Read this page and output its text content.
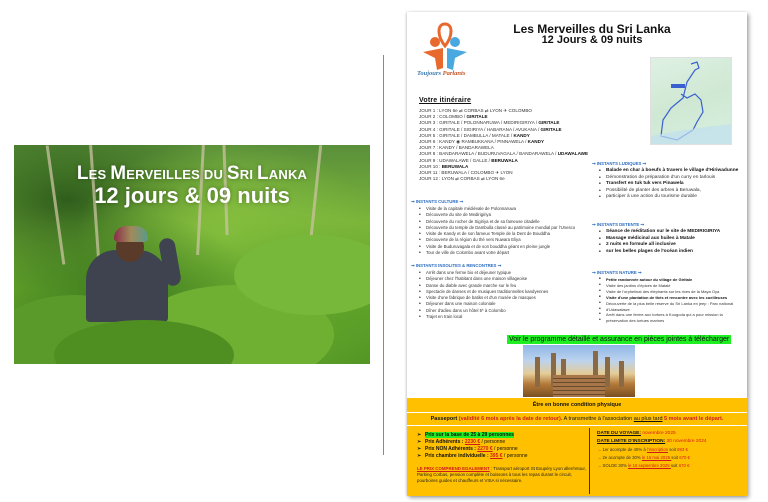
LES MERVEILLES DU SRI LANKA
12 jours & 09 nuits
Toujours Parlants
Les Merveilles du Sri Lanka
12 Jours & 09 nuits
Votre itinéraire
JOUR 1 : LYON 6e ⇌ CORBAS ⇌ LYON ✈ COLOMBO
JOUR 2 : COLOMBO / GIRITALE
JOUR 3 : GIRITALE / POLONNARUWA / MEDIRIGIRIYA / GIRITALE
JOUR 4 : GIRITALE / SIGIRIYA / HABARANA / AVUKANA / GIRITALE
JOUR 5 : GIRITALE / DAMBULLA / MATALE / KANDY
JOUR 6 : KANDY ◉ RAMBUKKANA / PINNAWELA / KANDY
JOUR 7 : KANDY / BANDARAWELA
JOUR 8 : BANDARAWELA / BUDURUVAGALA / BANDARAWELA / UDAWALAWE
JOUR 9 : UDAWALAWE / GALLE / BERUWALA
JOUR 10 : BERUWALA
JOUR 11 : BERUWALA / COLOMBO ✈ LYON
JOUR 12 : LYON ⇌ CORBAS ⇌ LYON 6e
⇝ INSTANTS CULTURE ⇝
• Visite de la capitale médiévale de Polonnaruwa
• Découverte du site de Medirigiriya
• Découverte du rocher de Sigiriya et de sa fameuse citadelle
• Découverte du temple de Dambulla classé au patrimoine mondial par l'Unesco
• Visite de Kandy et de son fameux Temple de la Dent de Bouddha
• Découverte de la région du thé vers Nuwara Eliya
• Visite de Buduruvagala et de son bouddha géant en pleine jungle
• Tour de ville de Colombo avant votre départ
⇝ INSTANTS INSOLITES & RENCONTRES ⇝
• Arrêt dans une ferme bio et déjeuner typique
• Déjeuner chez l'habitant dans une maison villageoise
• Danse du diable avec grande marche sur le feu
• Spectacle de danses et de musiques traditionnelles kandyennes
• Visite d'une fabrique de batiks et d'un musée de masques
• Déjeuner dans une maison coloniale
• Dîner d'adieu dans un hôtel 5* à Colombo
• Trajet en train local
⇝ INSTANTS LUDIQUES ⇝
• Balade en char à boeufs à travers le village d'Hiriwadunne
• Démonstration de préparation d'un curry en tarlouis
• Transfert en tuk tuk vers Pinawela
• Possibilité de planter des arbres à Beruwala,
• participer à une action du tourisme durable
⇝ INSTANTS DETENTE ⇝
• Séance de méditation sur le site de MEDIRIGIRIYA
• Massage médicinal aux huiles à Matale
• 2 nuits en formule all inclusive
• sur les belles plages de l'océan indien
⇝ INSTANTS NATURE ⇝
• Petite randonnée autour du village de Giritale
• Visite des jardins d'épices de Matalé
• Visite de l'orphelinat des éléphants sur les rives de la Maya Oya
• Visite d'une plantation de thés et rencontre avec les cueilleuses
• Découverte de la plus belle réserve du Sri Lanka en jeep : Parc national
• d'Udawalawe
• Arrêt dans une ferme aux tortues à Koogoda qui a pour mission la
• préservation des tortues marines
Voir le programme détaillé et assurance en pièces jointes à télécharger
Être en bonne condition physique
Passeport (validité 6 mois après la date de retour). A transmettre à l'association au plus tard 5 mois avant le départ.
➢ Prix sur la base de 25 à 29 personnes
➢ Prix Adhérents : 2230 € / personne
➢ Prix NON Adhérents : 2270 € / personne
➢ Prix chambre individuelle : 395 € / personne
LE PRIX COMPREND EGALEMENT : Transport aéroport St Exupéry Lyon aller/retour, Parking Corbas, pension complète et boissons à tous les repas durant le circuit, pourboires guides et chauffeurs et VISA si nécessaire.
DATE DU VOYAGE: novembre 2025
DATE LIMITE D'INSCRIPTION: 30 novembre 2024
→ 1er acompte de 40% à l'inscription soit 893 €
→ 2e acompte de 30% le 15 mai 2025 soit 670 €
→ SOLDE 30% le 15 septembre 2025 soit 670 €
